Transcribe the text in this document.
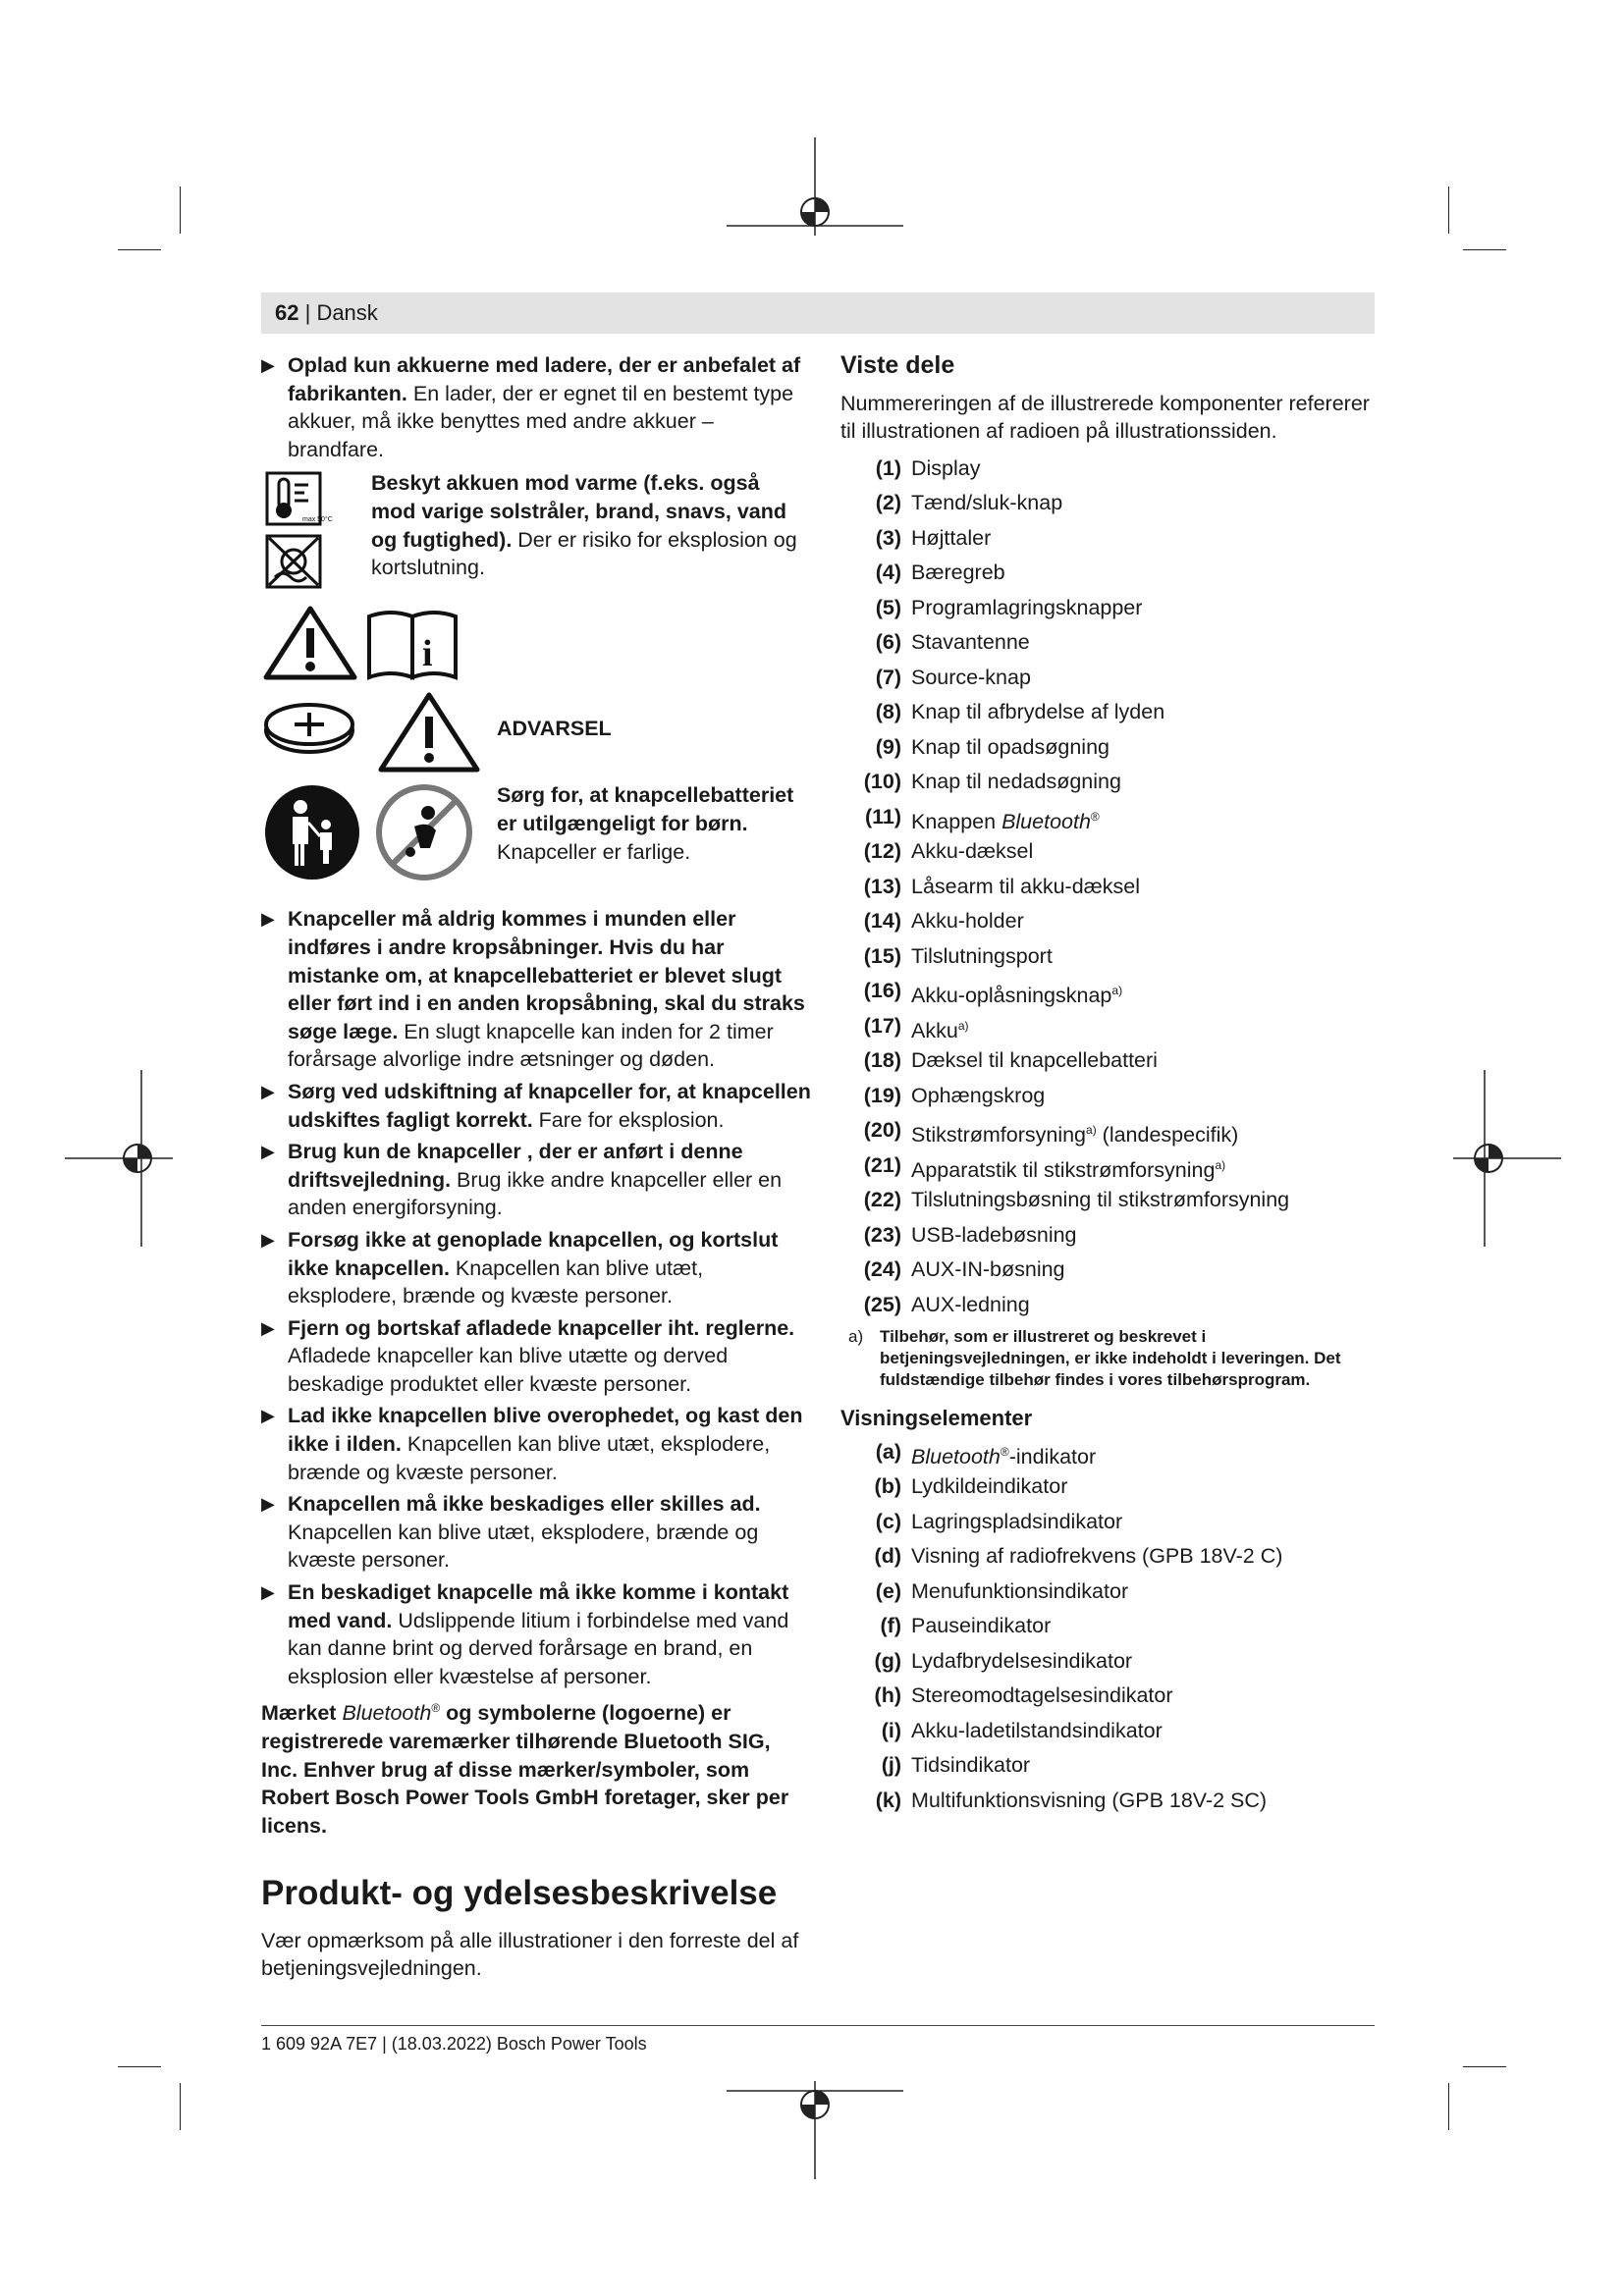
62 | Dansk
▶ Oplad kun akkuerne med ladere, der er anbefalet af fabrikanten. En lader, der er egnet til en bestemt type akkuer, må ikke benyttes med andre akkuer – brandfare.
max 50°C
Beskyt akkuen mod varme (f.eks. også mod varige solstråler, brand, snavs, vand og fugtighed). Der er risiko for eksplosion og kortslutning.
i
ADVARSEL
Sørg for, at knapcellebatteriet er utilgængeligt for børn. Knapceller er farlige.
▶ Knapceller må aldrig kommes i munden eller indføres i andre kropsåbninger. Hvis du har mistanke om, at knapcellebatteriet er blevet slugt eller ført ind i en anden kropsåbning, skal du straks søge læge. En slugt knapcelle kan inden for 2 timer forårsage alvorlige indre ætsninger og døden.
▶ Sørg ved udskiftning af knapceller for, at knapcellen udskiftes fagligt korrekt. Fare for eksplosion.
▶ Brug kun de knapceller , der er anført i denne driftsvejledning. Brug ikke andre knapceller eller en anden energiforsyning.
▶ Forsøg ikke at genoplade knapcellen, og kortslut ikke knapcellen. Knapcellen kan blive utæt, eksplodere, brænde og kvæste personer.
▶ Fjern og bortskaf afladede knapceller iht. reglerne. Afladede knapceller kan blive utætte og derved beskadige produktet eller kvæste personer.
▶ Lad ikke knapcellen blive overophedet, og kast den ikke i ilden. Knapcellen kan blive utæt, eksplodere, brænde og kvæste personer.
▶ Knapcellen må ikke beskadiges eller skilles ad. Knapcellen kan blive utæt, eksplodere, brænde og kvæste personer.
▶ En beskadiget knapcelle må ikke komme i kontakt med vand. Udslippende litium i forbindelse med vand kan danne brint og derved forårsage en brand, en eksplosion eller kvæstelse af personer.
Mærket Bluetooth® og symbolerne (logoerne) er registrerede varemærker tilhørende Bluetooth SIG, Inc. Enhver brug af disse mærker/symboler, som Robert Bosch Power Tools GmbH foretager, sker per licens.
Produkt- og ydelsesbeskrivelse
Vær opmærksom på alle illustrationer i den forreste del af betjeningsvejledningen.
Viste dele
Nummereringen af de illustrerede komponenter refererer til illustrationen af radioen på illustrationssiden.
(1) Display
(2) Tænd/sluk-knap
(3) Højttaler
(4) Bæregreb
(5) Programlagringsknapper
(6) Stavantenne
(7) Source-knap
(8) Knap til afbrydelse af lyden
(9) Knap til opadsøgning
(10) Knap til nedadsøgning
(11) Knappen Bluetooth®
(12) Akku-dæksel
(13) Låsearm til akku-dæksel
(14) Akku-holder
(15) Tilslutningsport
(16) Akku-oplåsningsknap$^{a)}$
(17) Akku$^{a)}$
(18) Dæksel til knapcellebatteri
(19) Ophængskrog
(20) Stikstrømforsyning$^{a)}$ (landespecifik)
(21) Apparatstik til stikstrømforsyning$^{a)}$
(22) Tilslutningsbøsning til stikstrømforsyning
(23) USB-ladebøsning
(24) AUX-IN-bøsning
(25) AUX-ledning
a) Tilbehør, som er illustreret og beskrevet i betjeningsvejledningen, er ikke indeholdt i leveringen. Det fuldstændige tilbehør findes i vores tilbehørsprogram.
Visningselementer
(a) Bluetooth®-indikator
(b) Lydkildeindikator
(c) Lagringspladsindikator
(d) Visning af radiofrekvens (GPB 18V-2 C)
(e) Menufunktionsindikator
(f) Pauseindikator
(g) Lydafbrydelsesindikator
(h) Stereomodtagelsesindikator
(i) Akku-ladetilstandsindikator
(j) Tidsindikator
(k) Multifunktionsvisning (GPB 18V-2 SC)
1 609 92A 7E7 | (18.03.2022) Bosch Power Tools
